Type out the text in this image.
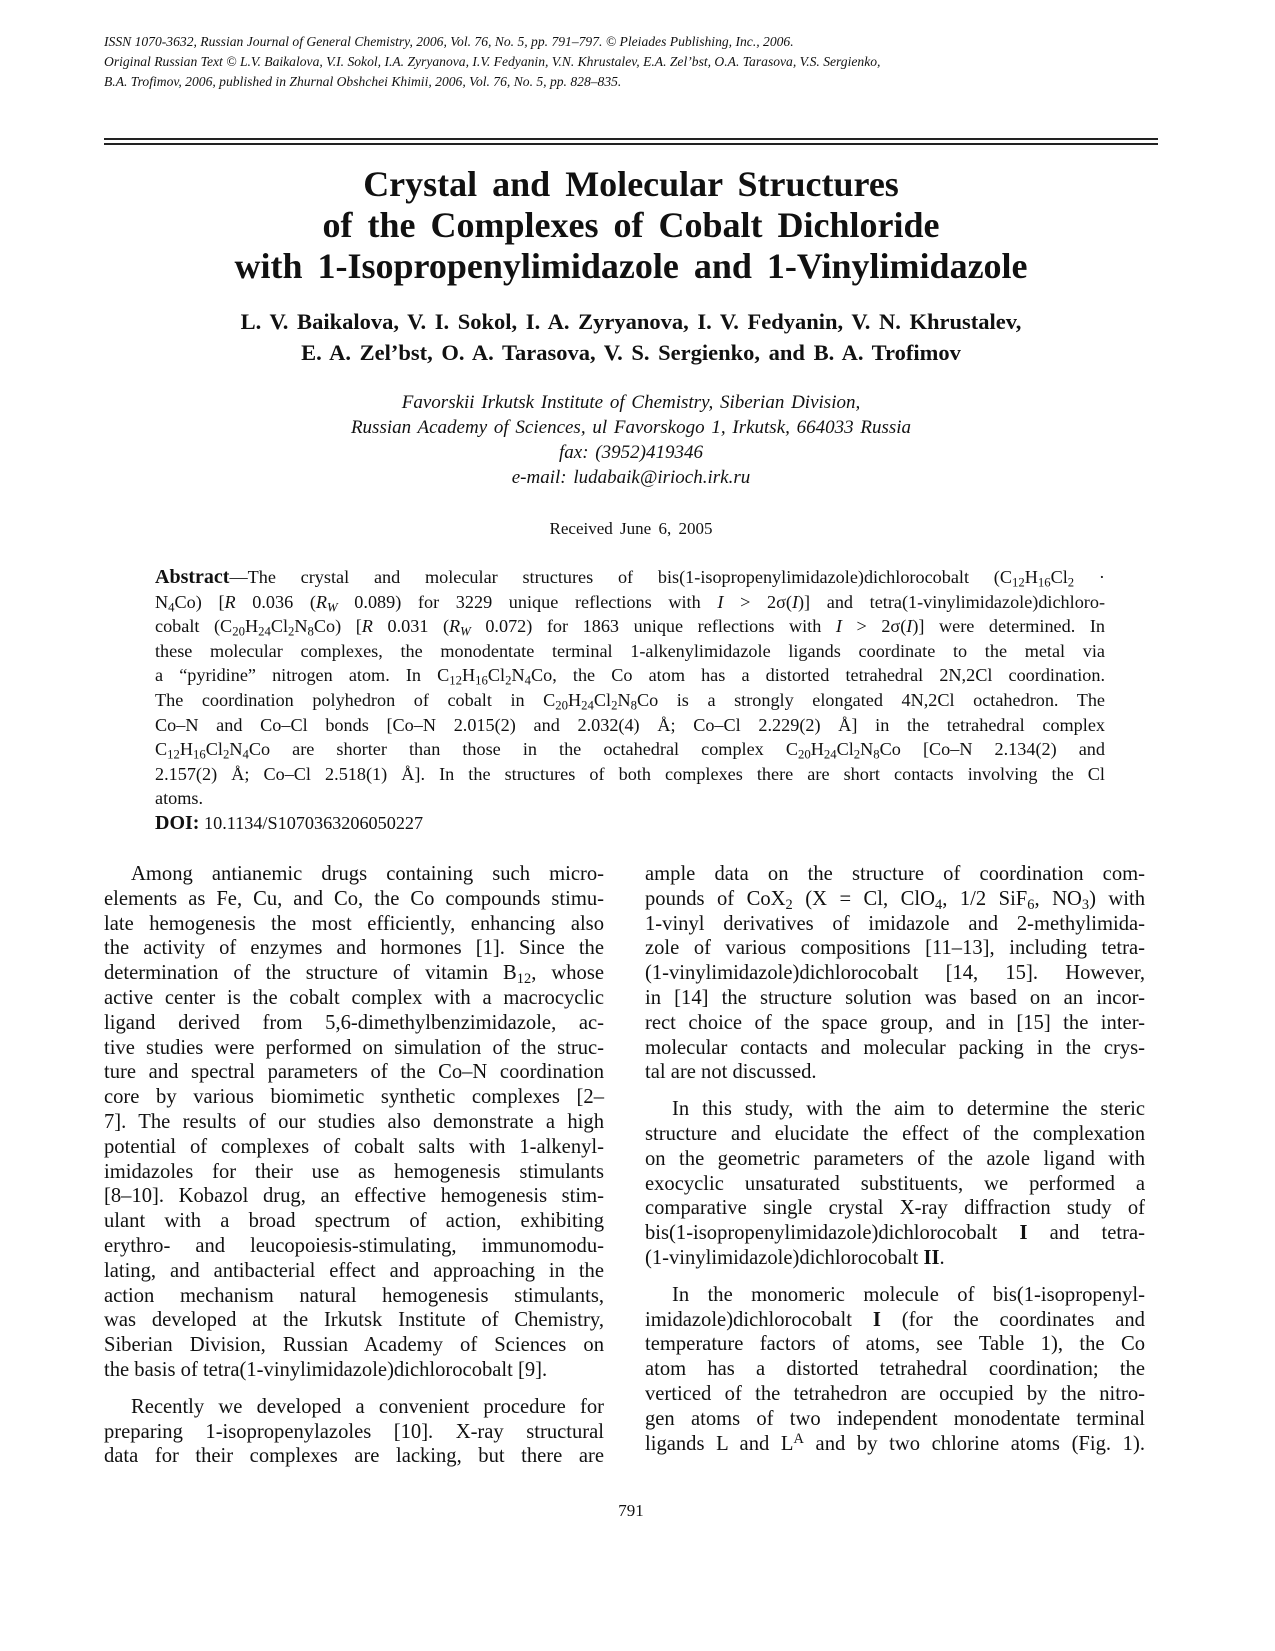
ISSN 1070-3632, Russian Journal of General Chemistry, 2006, Vol. 76, No. 5, pp. 791–797. © Pleiades Publishing, Inc., 2006.
Original Russian Text © L.V. Baikalova, V.I. Sokol, I.A. Zyryanova, I.V. Fedyanin, V.N. Khrustalev, E.A. Zel’bst, O.A. Tarasova, V.S. Sergienko,
B.A. Trofimov, 2006, published in Zhurnal Obshchei Khimii, 2006, Vol. 76, No. 5, pp. 828–835.
Crystal and Molecular Structures
of the Complexes of Cobalt Dichloride
with 1-Isopropenylimidazole and 1-Vinylimidazole
L. V. Baikalova, V. I. Sokol, I. A. Zyryanova, I. V. Fedyanin, V. N. Khrustalev,
E. A. Zel’bst, O. A. Tarasova, V. S. Sergienko, and B. A. Trofimov
Favorskii Irkutsk Institute of Chemistry, Siberian Division,
Russian Academy of Sciences, ul Favorskogo 1, Irkutsk, 664033 Russia
fax: (3952)419346
e-mail: ludabaik@irioch.irk.ru
Received June 6, 2005
Abstract—The crystal and molecular structures of bis(1-isopropenylimidazole)dichlorocobalt ($C_{12}H_{16}Cl_2$ ·
$N_4Co$) [R 0.036 ($R_W$ 0.089) for 3229 unique reflections with I > 2σ(I)] and tetra(1-vinylimidazole)dichloro-
cobalt $(C_{20}H_{24}Cl_2N_8Co)$ [R 0.031 ($R_W$ 0.072) for 1863 unique reflections with I > 2σ(I)] were determined. In
these molecular complexes, the monodentate terminal 1-alkenylimidazole ligands coordinate to the metal via
a “pyridine” nitrogen atom. In $C_{12}H_{16}Cl_2N_4Co$, the Co atom has a distorted tetrahedral 2N,2Cl coordination.
The coordination polyhedron of cobalt in $C_{20}H_{24}Cl_2N_8Co$ is a strongly elongated 4N,2Cl octahedron. The
Co–N and Co–Cl bonds [Co–N 2.015(2) and 2.032(4) Å; Co–Cl 2.229(2) Å] in the tetrahedral complex
$C_{12}H_{16}Cl_2N_4Co$ are shorter than those in the octahedral complex $C_{20}H_{24}Cl_2N_8Co$ [Co–N 2.134(2) and
2.157(2) Å; Co–Cl 2.518(1) Å]. In the structures of both complexes there are short contacts involving the Cl
atoms.
DOI: 10.1134/S1070363206050227
Among antianemic drugs containing such micro-
elements as Fe, Cu, and Co, the Co compounds stimu-
late hemogenesis the most efficiently, enhancing also
the activity of enzymes and hormones [1]. Since the
determination of the structure of vitamin $B_{12}$, whose
active center is the cobalt complex with a macrocyclic
ligand derived from 5,6-dimethylbenzimidazole, ac-
tive studies were performed on simulation of the struc-
ture and spectral parameters of the Co–N coordination
core by various biomimetic synthetic complexes [2–
7]. The results of our studies also demonstrate a high
potential of complexes of cobalt salts with 1-alkenyl-
imidazoles for their use as hemogenesis stimulants
[8–10]. Kobazol drug, an effective hemogenesis stim-
ulant with a broad spectrum of action, exhibiting
erythro- and leucopoiesis-stimulating, immunomodu-
lating, and antibacterial effect and approaching in the
action mechanism natural hemogenesis stimulants,
was developed at the Irkutsk Institute of Chemistry,
Siberian Division, Russian Academy of Sciences on
the basis of tetra(1-vinylimidazole)dichlorocobalt [9].
Recently we developed a convenient procedure for
preparing 1-isopropenylazoles [10]. X-ray structural
data for their complexes are lacking, but there are
ample data on the structure of coordination com-
pounds of CoX$_2$ (X = Cl, ClO$_4$, 1/2 SiF$_6$, $NO_3$) with
1-vinyl derivatives of imidazole and 2-methylimida-
zole of various compositions [11–13], including tetra-
(1-vinylimidazole)dichlorocobalt [14, 15]. However,
in [14] the structure solution was based on an incor-
rect choice of the space group, and in [15] the inter-
molecular contacts and molecular packing in the crys-
tal are not discussed.
In this study, with the aim to determine the steric
structure and elucidate the effect of the complexation
on the geometric parameters of the azole ligand with
exocyclic unsaturated substituents, we performed a
comparative single crystal X-ray diffraction study of
bis(1-isopropenylimidazole)dichlorocobalt I and tetra-
(1-vinylimidazole)dichlorocobalt II.
In the monomeric molecule of bis(1-isopropenyl-
imidazole)dichlorocobalt I (for the coordinates and
temperature factors of atoms, see Table 1), the Co
atom has a distorted tetrahedral coordination; the
verticed of the tetrahedron are occupied by the nitro-
gen atoms of two independent monodentate terminal
ligands L and $L^A$ and by two chlorine atoms (Fig. 1).
791
